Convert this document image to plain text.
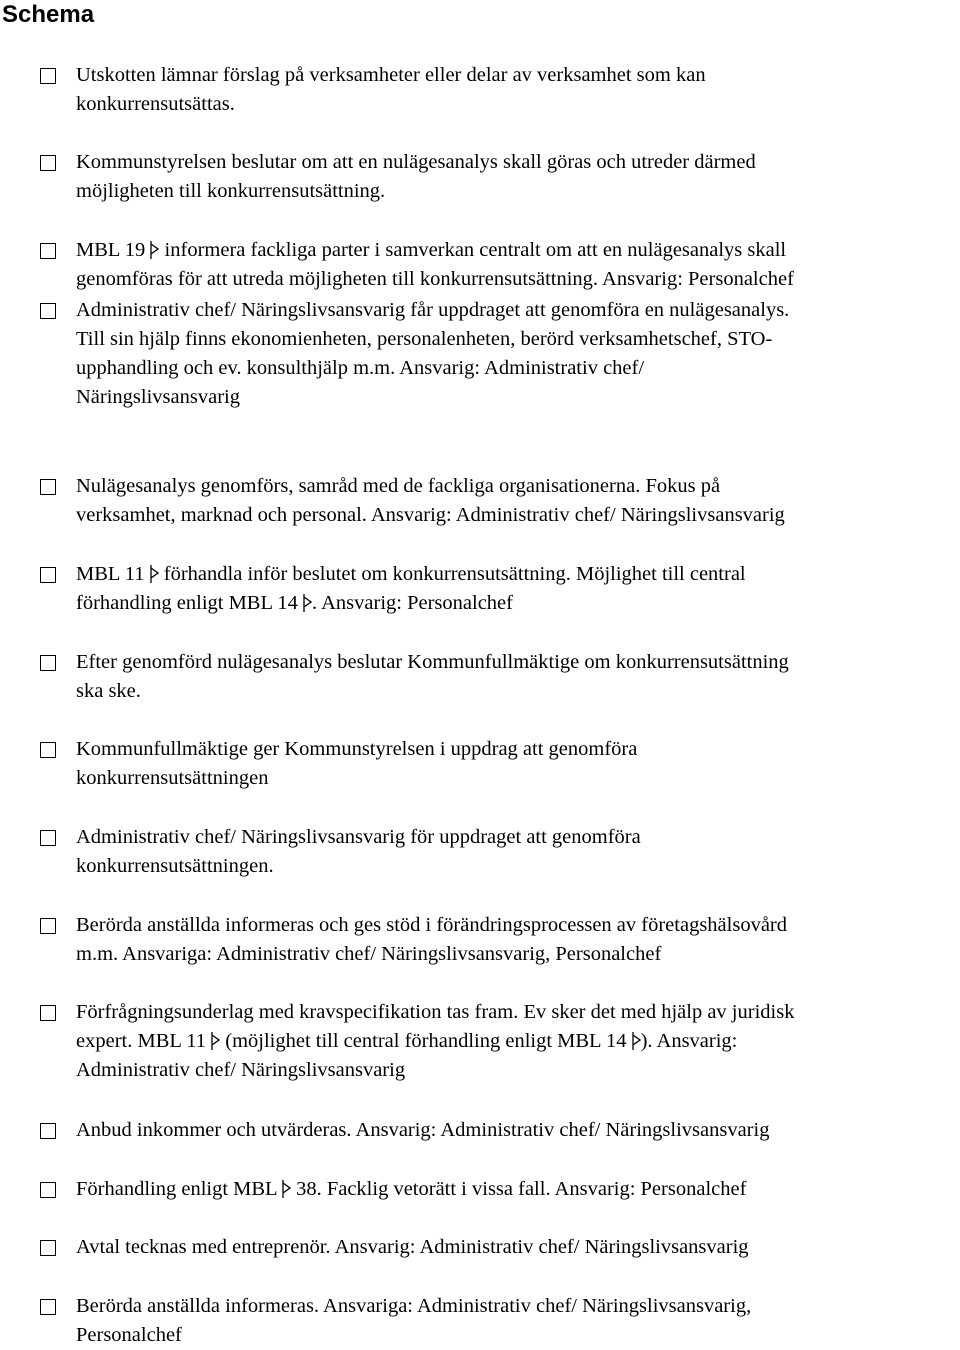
Schema
Utskotten lämnar förslag på verksamheter eller delar av verksamhet som kan
konkurrensutsättas.
Kommunstyrelsen beslutar om att en nulägesanalys skall göras och utreder därmed
möjligheten till konkurrensutsättning.
MBL 19
informera fackliga parter i samverkan centralt om att en nulägesanalys skall
genomföras för att utreda möjligheten till konkurrensutsättning. Ansvarig: Personalchef
Administrativ chef/ Näringslivsansvarig får uppdraget att genomföra en nulägesanalys.
Till sin hjälp finns ekonomienheten, personalenheten, berörd verksamhetschef, STO-
upphandling och ev. konsulthjälp m.m. Ansvarig: Administrativ chef/
Näringslivsansvarig
Nulägesanalys genomförs, samråd med de fackliga organisationerna. Fokus på
verksamhet, marknad och personal. Ansvarig: Administrativ chef/ Näringslivsansvarig
MBL 11
förhandla inför beslutet om konkurrensutsättning. Möjlighet till central
förhandling enligt MBL 14
. Ansvarig: Personalchef
Efter genomförd nulägesanalys beslutar Kommunfullmäktige om konkurrensutsättning
ska ske.
Kommunfullmäktige ger Kommunstyrelsen i uppdrag att genomföra
konkurrensutsättningen
Administrativ chef/ Näringslivsansvarig för uppdraget att genomföra
konkurrensutsättningen.
Berörda anställda informeras och ges stöd i förändringsprocessen av företagshälsovård
m.m. Ansvariga: Administrativ chef/ Näringslivsansvarig, Personalchef
Förfrågningsunderlag med kravspecifikation tas fram. Ev sker det med hjälp av juridisk
expert. MBL 11
(möjlighet till central förhandling enligt MBL 14
). Ansvarig:
Administrativ chef/ Näringslivsansvarig
Anbud inkommer och utvärderas. Ansvarig: Administrativ chef/ Näringslivsansvarig
Förhandling enligt MBL
38. Facklig vetorätt i vissa fall. Ansvarig: Personalchef
Avtal tecknas med entreprenör. Ansvarig: Administrativ chef/ Näringslivsansvarig
Berörda anställda informeras. Ansvariga: Administrativ chef/ Näringslivsansvarig,
Personalchef
